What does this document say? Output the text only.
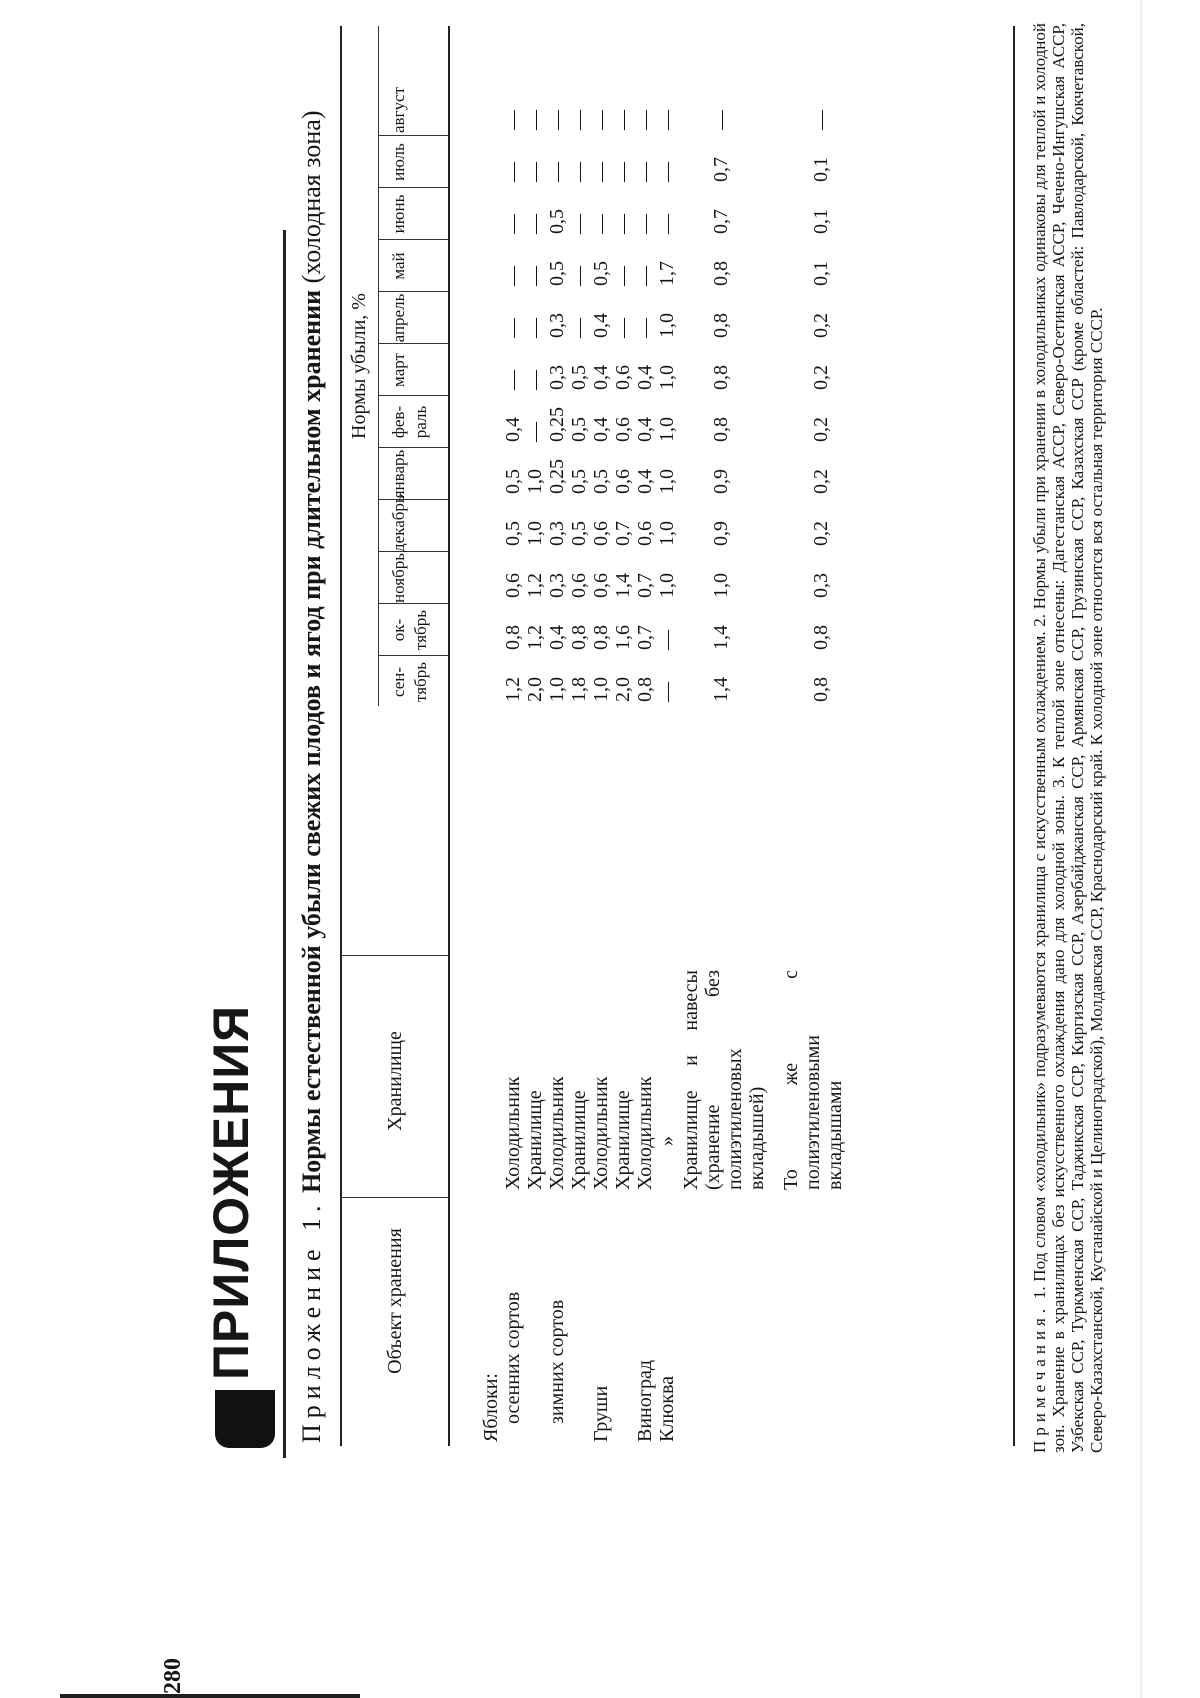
280
ПРИЛОЖЕНИЯ Приложение 1. Нормы естественной убыли свежих плодов и ягод при длительном хранении (холодная зона)
Объект хранения
Хранилище
Нормы убыли, %
сен-тябрь
ок-тябрь
ноябрь
декабрь
январь
фев-раль
март
апрель
май
июнь
июль
август
Яблоки: осенних сортов
Холодильник
1,2
0,8
0,6
0,5
0,5
0,4
—
—
—
—
—
—
Хранилище
2,0
1,2
1,2
1,0
1,0
—
—
—
—
—
—
—
зимних сортов
Холодильник
1,0
0,4
0,3
0,3
0,25
0,25
0,3
0,3
0,5
0,5
—
—
Хранилище
1,8
0,8
0,6
0,5
0,5
0,5
0,5
—
—
—
—
—
Груши
Холодильник
1,0
0,8
0,6
0,6
0,5
0,4
0,4
0,4
0,5
—
—
—
Хранилище
2,0
1,6
1,4
0,7
0,6
0,6
0,6
—
—
—
—
—
Виноград
Холодильник
0,8
0,7
0,7
0,6
0,4
0,4
0,4
—
—
—
—
—
Клюква
»
—
—
1,0
1,0
1,0
1,0
1,0
1,0
1,7
—
—
—
Хранилище и навесы (хранение без полиэтиленовых вкладышей)
1,4
1,4
1,0
0,9
0,9
0,8
0,8
0,8
0,8
0,7
0,7
—
То же с полиэтиленовыми вкладышами
0,8
0,8
0,3
0,2
0,2
0,2
0,2
0,2
0,1
0,1
0,1
—
Примечания. 1. Под словом «холодильник» подразумеваются хранилища с искусственным охлаждением. 2. Нормы убыли при хранении в холодильниках одинаковы для теплой и холодной зон. Хранение в хранилищах без искусственного охлаждения дано для холодной зоны. 3. К теплой зоне отнесены: Дагестанская АССР, Северо-Осетинская АССР, Чечено-Ингушская АССР, Узбекская ССР, Туркменская ССР, Таджикская ССР, Киргизская ССР, Азербайджанская ССР, Армянская ССР, Грузинская ССР, Казахская ССР (кроме областей: Павлодарской, Кокчетавской, Северо-Казахстанской, Кустанайской и Целиноградской), Молдавская ССР, Краснодарский край. К холодной зоне относится вся остальная территория СССР.
